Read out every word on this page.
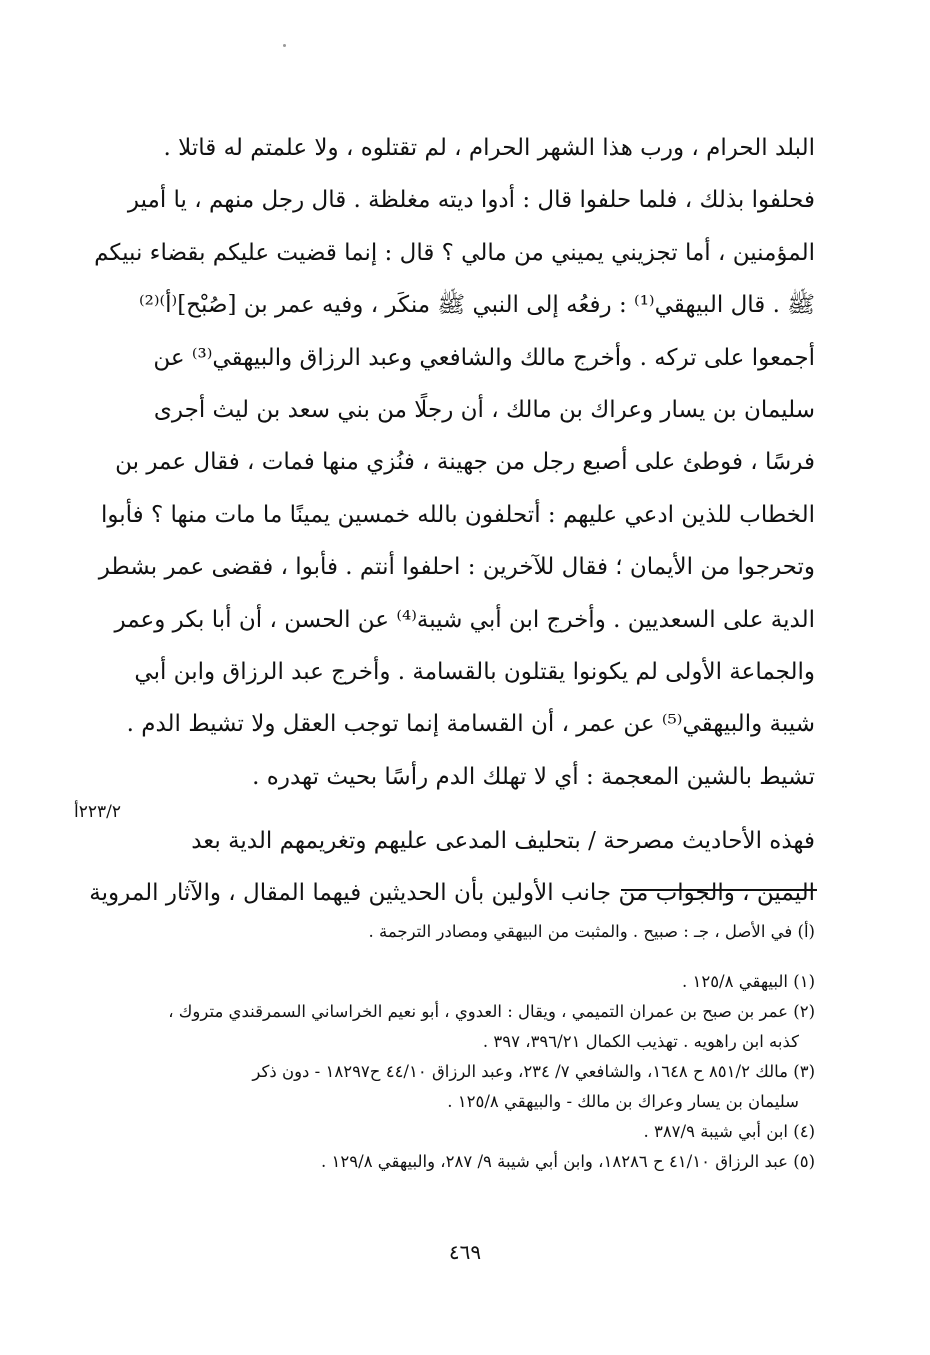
البلد الحرام ، ورب هذا الشهر الحرام ، لم تقتلوه ، ولا علمتم له قاتلا .
فحلفوا بذلك ، فلما حلفوا قال : أدوا ديته مغلظة . قال رجل منهم ، يا أمير
المؤمنين ، أما تجزيني يميني من مالي ؟ قال : إنما قضيت عليكم بقضاء نبيكم
ﷺ . قال البيهقي⁽¹⁾ : رفعُه إلى النبي ﷺ منكَر ، وفيه عمر بن [صُبْح]⁽أ⁾⁽²⁾
أجمعوا على تركه . وأخرج مالك والشافعي وعبد الرزاق والبيهقي⁽³⁾ عن
سليمان بن يسار وعراك بن مالك ، أن رجلًا من بني سعد بن ليث أجرى
فرسًا ، فوطئ على أصبع رجل من جهينة ، فنُزي منها فمات ، فقال عمر بن
الخطاب للذين ادعي عليهم : أتحلفون بالله خمسين يمينًا ما مات منها ؟ فأبوا
وتحرجوا من الأيمان ؛ فقال للآخرين : احلفوا أنتم . فأبوا ، فقضى عمر بشطر
الدية على السعديين . وأخرج ابن أبي شيبة⁽⁴⁾ عن الحسن ، أن أبا بكر وعمر
والجماعة الأولى لم يكونوا يقتلون بالقسامة . وأخرج عبد الرزاق وابن أبي
شيبة والبيهقي⁽⁵⁾ عن عمر ، أن القسامة إنما توجب العقل ولا تشيط الدم .
تشيط بالشين المعجمة : أي لا تهلك الدم رأسًا بحيث تهدره .
فهذه الأحاديث مصرحة / بتحليف المدعى عليهم وتغريمهم الدية بعد
اليمين ، والجواب من جانب الأولين بأن الحديثين فيهما المقال ، والآثار المروية
٢٢٣/٢أ
(أ) في الأصل ، جـ : صبيح . والمثبت من البيهقي ومصادر الترجمة .
(١) البيهقي ١٢٥/٨ .
(٢) عمر بن صبح بن عمران التميمي ، ويقال : العدوي ، أبو نعيم الخراساني السمرقندي متروك ،
كذبه ابن راهويه . تهذيب الكمال ٣٩٦/٢١، ٣٩٧ .
(٣) مالك ٨٥١/٢ ح ١٦٤٨، والشافعي ٧/ ٢٣٤، وعبد الرزاق ٤٤/١٠ ح١٨٢٩٧ - دون ذكر
سليمان بن يسار وعراك بن مالك - والبيهقي ١٢٥/٨ .
(٤) ابن أبي شيبة ٣٨٧/٩ .
(٥) عبد الرزاق ٤١/١٠ ح ١٨٢٨٦، وابن أبي شيبة ٩/ ٢٨٧، والبيهقي ١٢٩/٨ .
٤٦٩
